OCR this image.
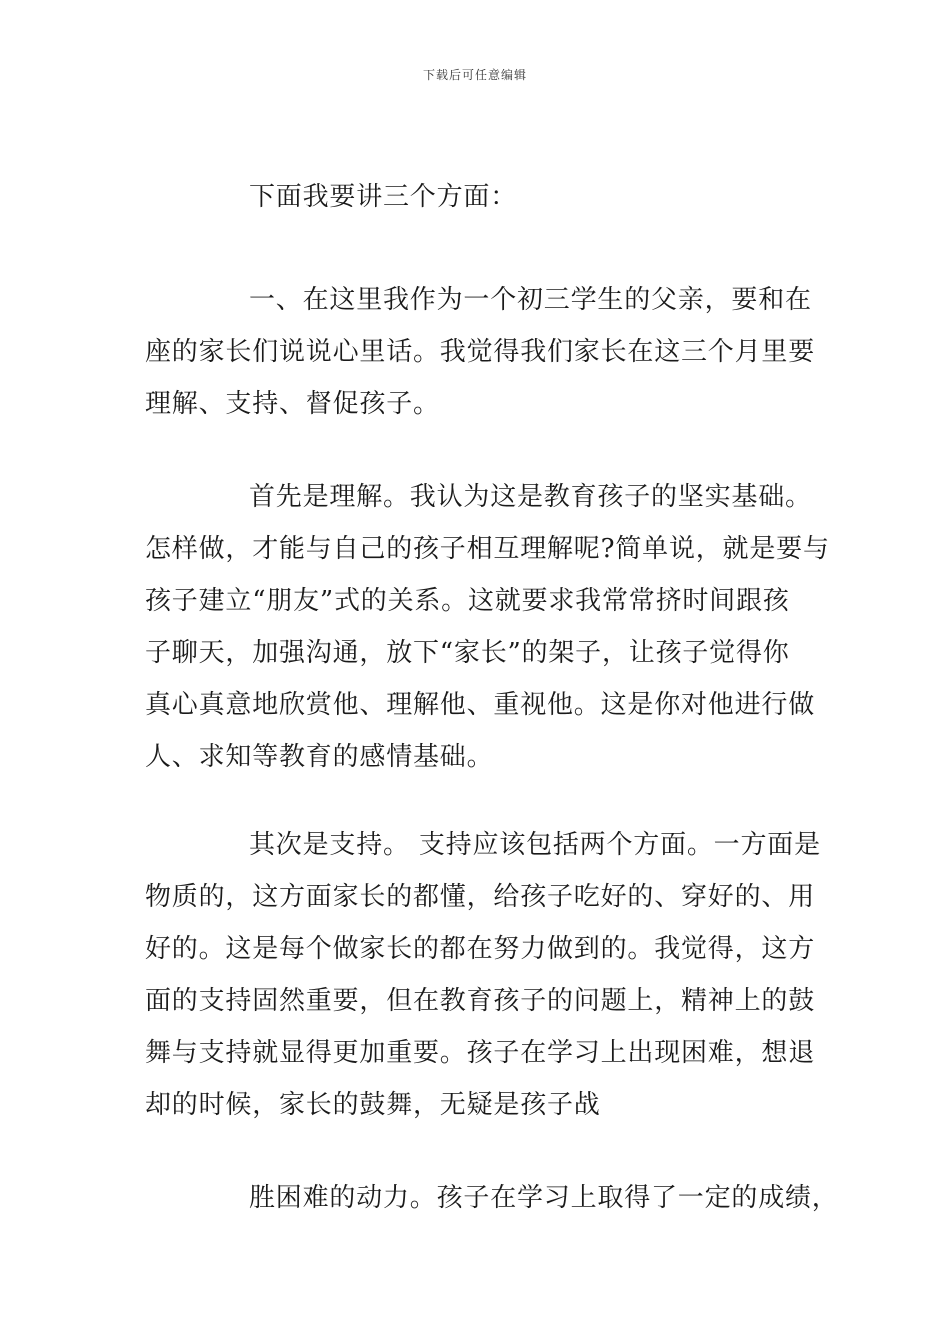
下载后可任意编辑

下面我要讲三个方面：

一、在这里我作为一个初三学生的父亲，要和在

座的家长们说说心里话。我觉得我们家长在这三个月里要

理解、支持、督促孩子。

首先是理解。我认为这是教育孩子的坚实基础。

怎样做，才能与自己的孩子相互理解呢?简单说，就是要与

孩子建立“朋友”式的关系。这就要求我常常挤时间跟孩

子聊天，加强沟通，放下“家长”的架子，让孩子觉得你

真心真意地欣赏他、理解他、重视他。这是你对他进行做

人、求知等教育的感情基础。

其次是支持。 支持应该包括两个方面。一方面是

物质的，这方面家长的都懂，给孩子吃好的、穿好的、用

好的。这是每个做家长的都在努力做到的。我觉得，这方

面的支持固然重要，但在教育孩子的问题上，精神上的鼓

舞与支持就显得更加重要。孩子在学习上出现困难，想退

却的时候，家长的鼓舞，无疑是孩子战

胜困难的动力。孩子在学习上取得了一定的成绩，
